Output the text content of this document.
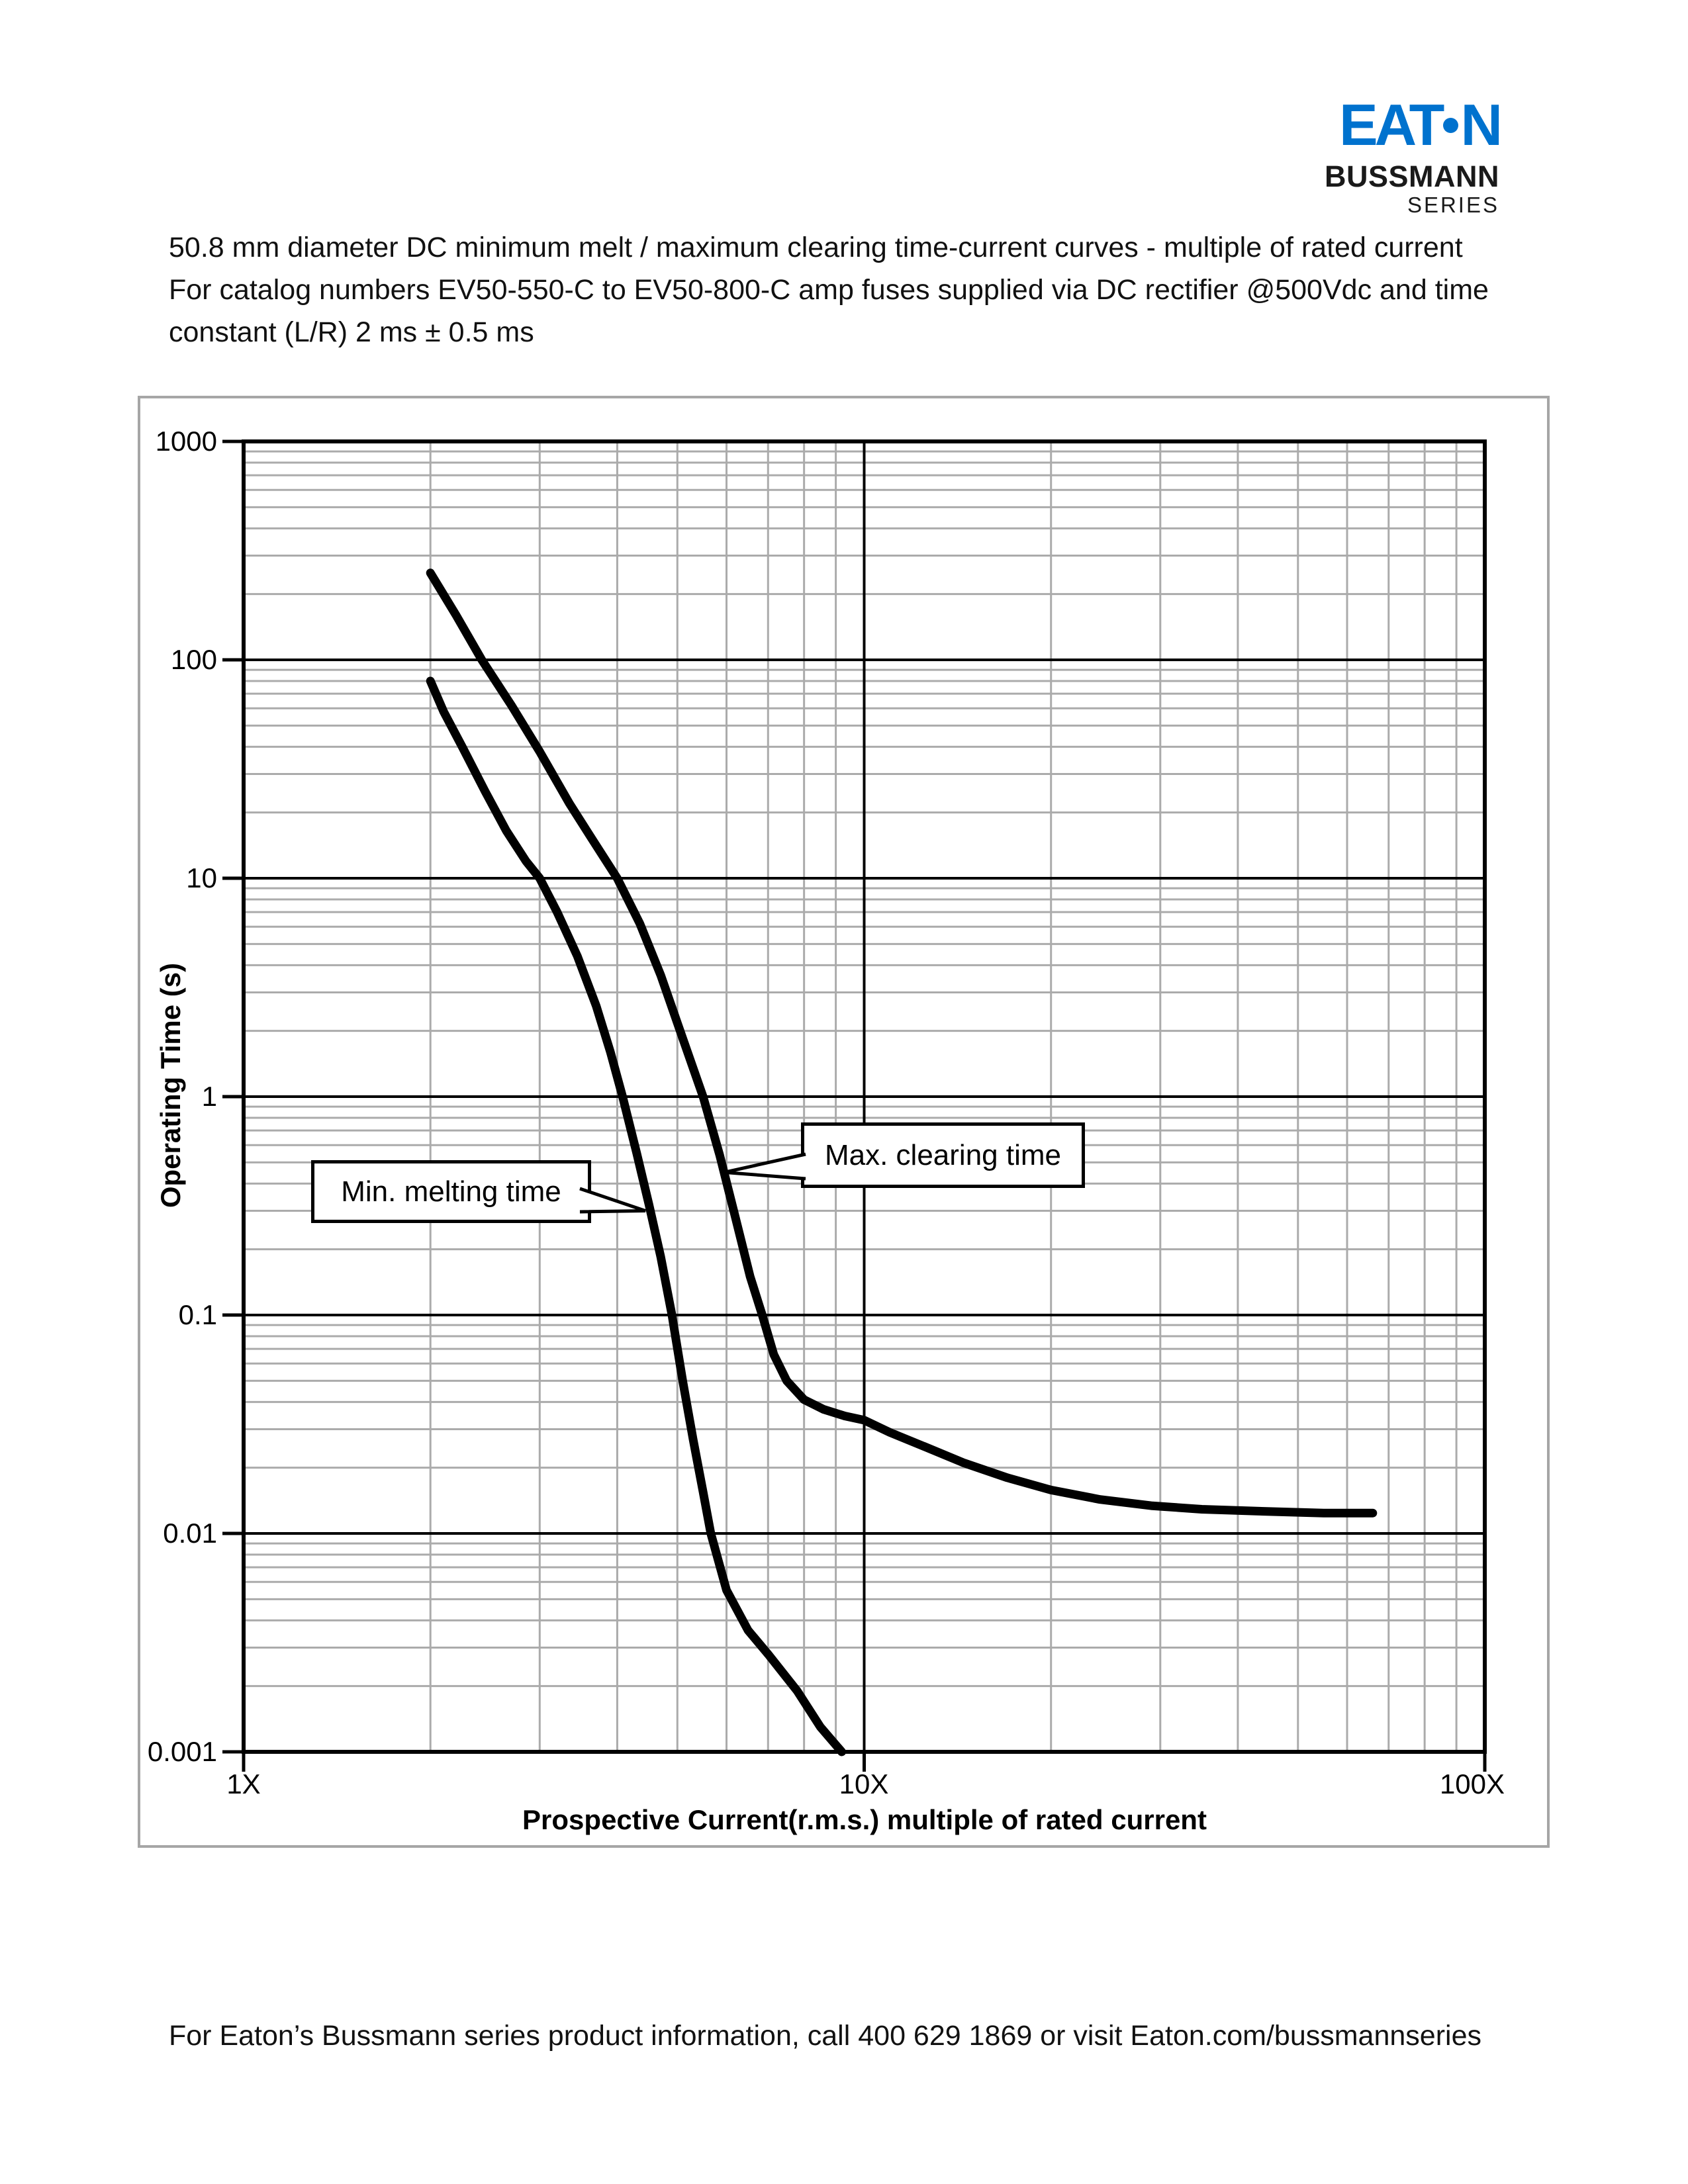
EAT N
BUSSMANN
SERIES

50.8 mm diameter DC minimum melt / maximum clearing time-current curves - multiple of rated current

For catalog numbers EV50-550-C to EV50-800-C amp fuses supplied via DC rectifier @500Vdc and time

constant (L/R) 2 ms ± 0.5 ms

1000
100
10
1
0.1
0.01
0.001
1X	10X	100X
Operating Time (s)
Prospective Current(r.m.s.) multiple of rated current
Min. melting time
Max. clearing time
For Eaton’s Bussmann series product information, call 400 629 1869 or visit Eaton.com/bussmannseries
